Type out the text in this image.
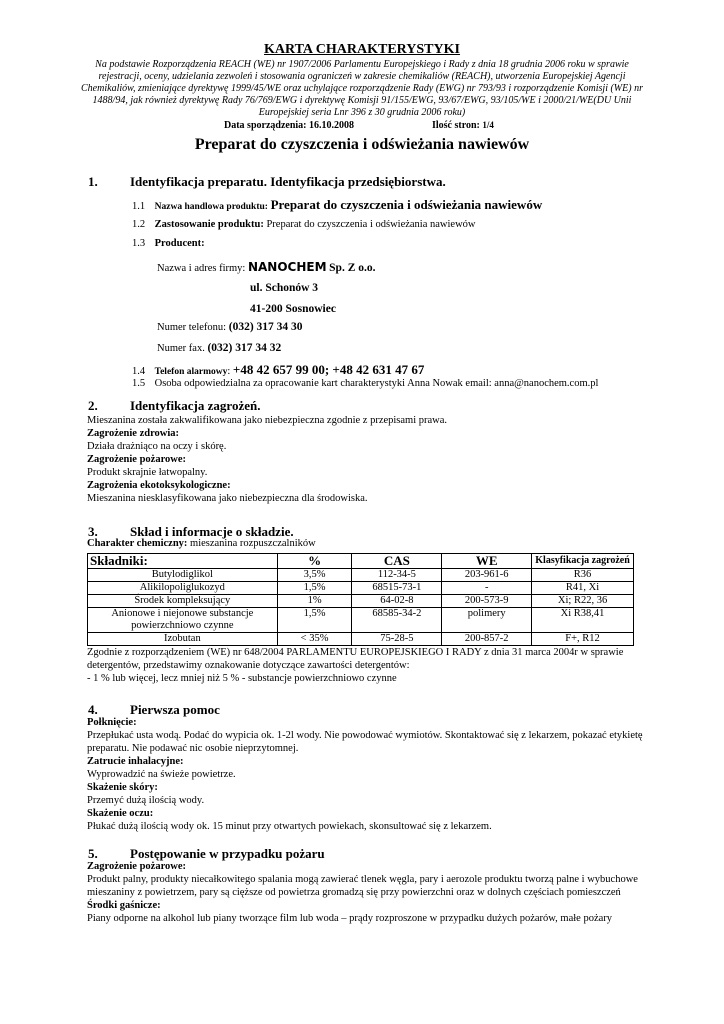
KARTA CHARAKTERYSTYKI
Na podstawie Rozporządzenia REACH (WE) nr 1907/2006 Parlamentu Europejskiego i Rady z dnia 18 grudnia 2006 roku w sprawie rejestracji, oceny, udzielania zezwoleń i stosowania ograniczeń w zakresie chemikaliów (REACH), utworzenia Europejskiej Agencji Chemikaliów, zmieniające dyrektywę 1999/45/WE oraz uchylające rozporządzenie Rady (EWG) nr 793/93 i rozporządzenie Komisji (WE) nr 1488/94, jak również dyrektywę Rady 76/769/EWG i dyrektywę Komisji 91/155/EWG, 93/67/EWG, 93/105/WE i 2000/21/WE(DU Unii Europejskiej seria Lnr 396 z 30 grudnia 2006 roku)
Data sporządzenia: 16.10.2008	Ilość stron: 1/4
Preparat do czyszczenia i odświeżania nawiewów
1. Identyfikacja preparatu. Identyfikacja przedsiębiorstwa.
1.1 Nazwa handlowa produktu: Preparat do czyszczenia i odświeżania nawiewów
1.2 Zastosowanie produktu: Preparat do czyszczenia i odświeżania nawiewów
1.3 Producent:
Nazwa i adres firmy: NANOCHEM Sp. Z o.o.
ul. Schonów 3
41-200 Sosnowiec
Numer telefonu: (032) 317 34 30
Numer fax. (032) 317 34 32
1.4 Telefon alarmowy: +48 42 657 99 00; +48 42 631 47 67
1.5 Osoba odpowiedzialna za opracowanie kart charakterystyki Anna Nowak email: anna@nanochem.com.pl
2. Identyfikacja zagrożeń.
Mieszanina została zakwalifikowana jako niebezpieczna zgodnie z przepisami prawa.
Zagrożenie zdrowia:
Działa drażniąco na oczy i skórę.
Zagrożenie pożarowe:
Produkt skrajnie łatwopalny.
Zagrożenia ekotoksykologiczne:
Mieszanina niesklasyfikowana jako niebezpieczna dla środowiska.
3. Skład i informacje o składzie.
Charakter chemiczny: mieszanina rozpuszczalników
Składniki:	%	CAS	WE	Klasyfikacja zagrożeń
Butylodiglikol	3,5%	112-34-5	203-961-6	R36
Alikilopoliglukozyd	1,5%	68515-73-1	-	R41, Xi
Środek kompleksujący	1%	64-02-8	200-573-9	Xi; R22, 36
Anionowe i niejonowe substancje powierzchniowo czynne	1,5%	68585-34-2	polimery	Xi R38,41
Izobutan	< 35%	75-28-5	200-857-2	F+, R12
Zgodnie z rozporządzeniem (WE) nr 648/2004 PARLAMENTU EUROPEJSKIEGO I RADY z dnia 31 marca 2004r w sprawie detergentów, przedstawimy oznakowanie dotyczące zawartości detergentów:
- 1 % lub więcej, lecz mniej niż 5 % - substancje powierzchniowo czynne
4. Pierwsza pomoc
Połknięcie:
Przepłukać usta wodą. Podać do wypicia ok. 1-2l wody. Nie powodować wymiotów. Skontaktować się z lekarzem, pokazać etykietę preparatu. Nie podawać nic osobie nieprzytomnej.
Zatrucie inhalacyjne:
Wyprowadzić na świeże powietrze.
Skażenie skóry:
Przemyć dużą ilością wody.
Skażenie oczu:
Płukać dużą ilością wody ok. 15 minut przy otwartych powiekach, skonsultować się z lekarzem.
5. Postępowanie w przypadku pożaru
Zagrożenie pożarowe:
Produkt palny, produkty niecałkowitego spalania mogą zawierać tlenek węgla, pary i aerozole produktu tworzą palne i wybuchowe mieszaniny z powietrzem, pary są cięższe od powietrza gromadzą się przy powierzchni oraz w dolnych częściach pomieszczeń
Środki gaśnicze:
Piany odporne na alkohol lub piany tworzące film lub woda – prądy rozproszone w przypadku dużych pożarów, małe pożary
